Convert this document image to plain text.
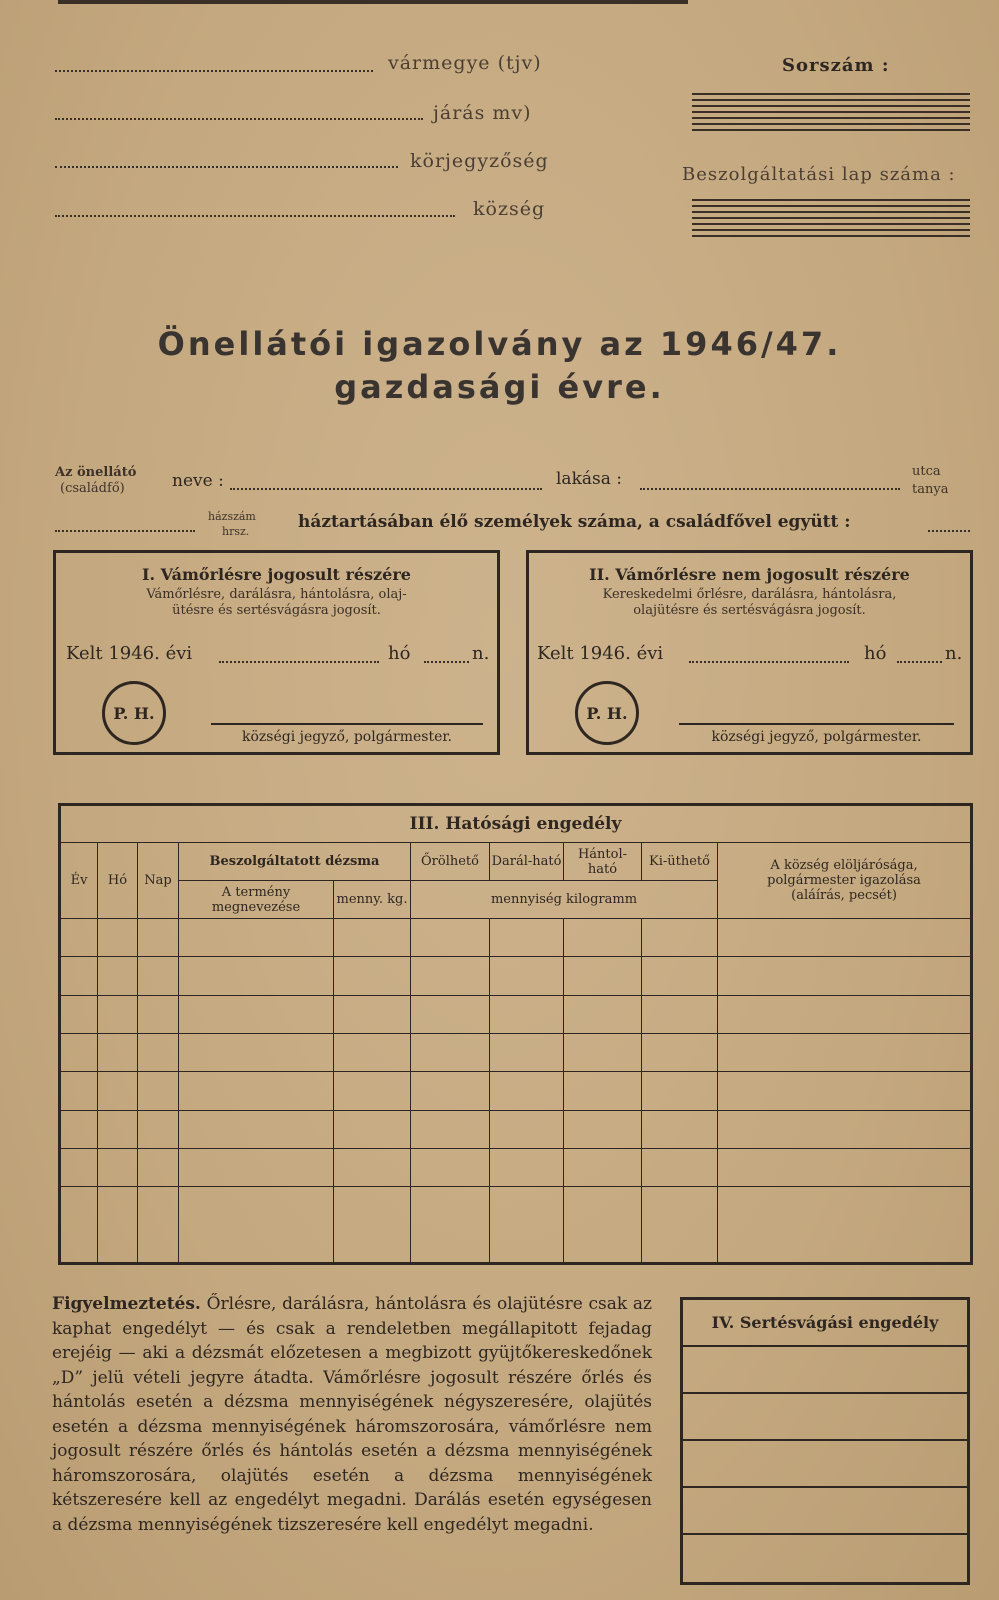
vármegye (tjv)
járás mv)
körjegyzőség
község
Sorszám :
Beszolgáltatási lap száma :
Önellátói igazolvány az 1946/47.
gazdasági évre.
Az önellátó
(családfő)	neve :	lakása :	utca
tanya
házszám
hrsz.	háztartásában élő személyek száma, a családfővel együtt :
I. Vámőrlésre jogosult részére
Vámőrlésre, darálásra, hántolásra, olaj-
ütésre és sertésvágásra jogosít.
Kelt 1946. évi	hó	n.
P. H.
községi jegyző, polgármester.
II. Vámőrlésre nem jogosult részére
Kereskedelmi őrlésre, darálásra, hántolásra,
olajütésre és sertésvágásra jogosít.
Kelt 1946. évi	hó	n.
P. H.
községi jegyző, polgármester.
III. Hatósági engedély									
Év	Hó	Nap	Beszolgáltatott dézsma		Őrölhető	Darál-ható	Hántol-ható	Ki-üthető	A község elöljárósága,
polgármester igazolása
(aláírás, pecsét)

			A termény megnevezése	menny. kg.	mennyiség kilogramm				

Figyelmeztetés. Őrlésre, darálásra, hántolásra és olajütésre csak az kaphat engedélyt — és csak a rendeletben megállapitott fejadag erejéig — aki a dézsmát előzetesen a megbizott gyüjtőkereskedőnek „D” jelü vételi jegyre átadta. Vámőrlésre jogosult részére őrlés és hántolás esetén a dézsma mennyiségének négyszeresére, olajütés esetén a dézsma mennyiségének háromszorosára, vámőrlésre nem jogosult részére őrlés és hántolás esetén a dézsma mennyiségének háromszorosára, olajütés esetén a dézsma mennyiségének kétszeresére kell az engedélyt megadni. Darálás esetén egységesen a dézsma mennyiségének tizszeresére kell engedélyt megadni.
IV. Sertésvágási engedély
